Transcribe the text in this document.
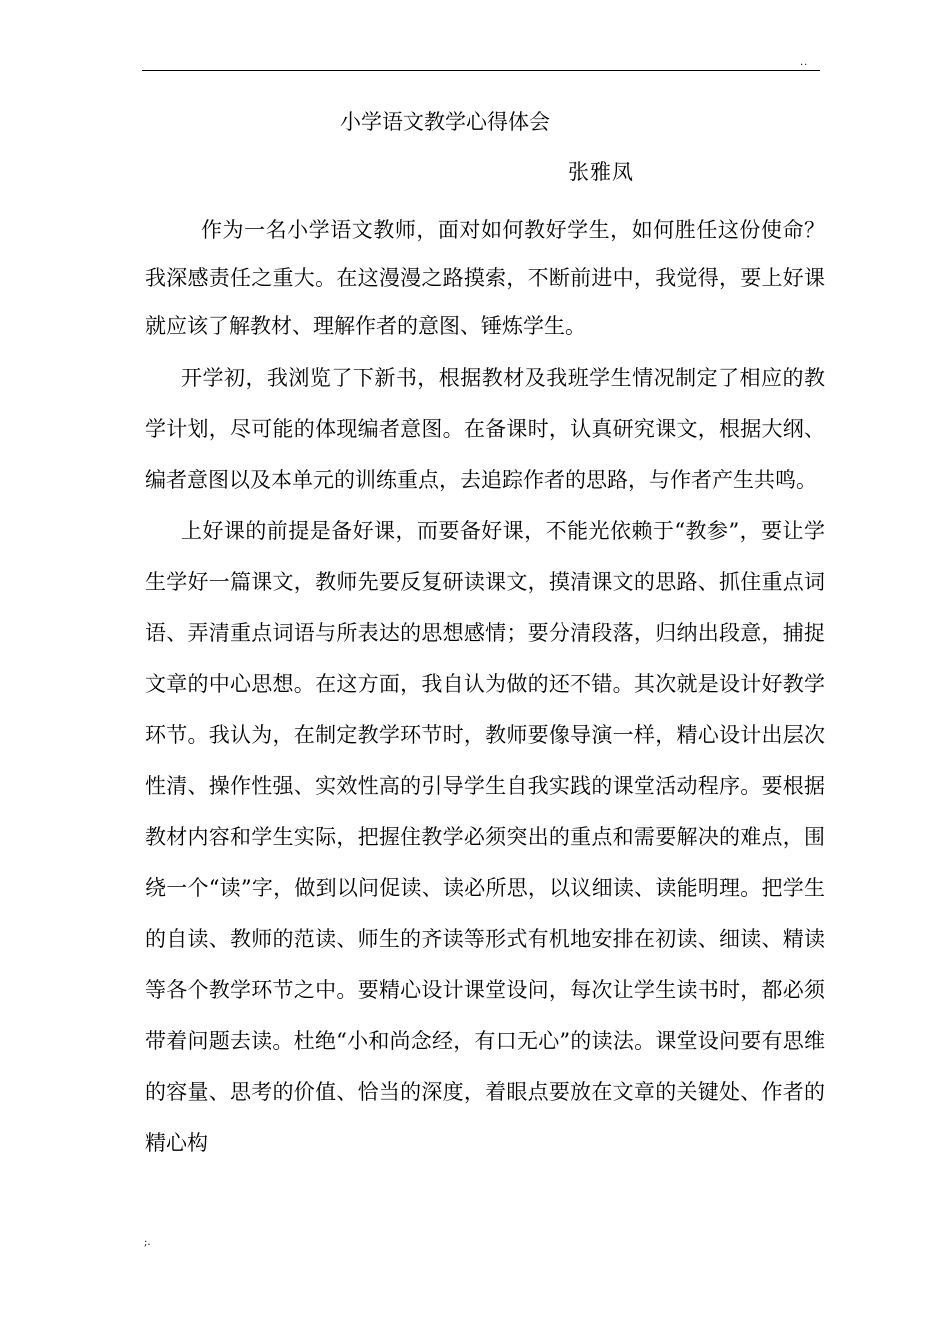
..
小学语文教学心得体会
张雅凤

作为一名小学语文教师，面对如何教好学生，如何胜任这份使命？我深感责任之重大。在这漫漫之路摸索，不断前进中，我觉得，要上好课就应该了解教材、理解作者的意图、锤炼学生。

开学初，我浏览了下新书，根据教材及我班学生情况制定了相应的教学计划，尽可能的体现编者意图。在备课时，认真研究课文，根据大纲、编者意图以及本单元的训练重点，去追踪作者的思路，与作者产生共鸣。

上好课的前提是备好课，而要备好课，不能光依赖于“教参”，要让学生学好一篇课文，教师先要反复研读课文，摸清课文的思路、抓住重点词语、弄清重点词语与所表达的思想感情；要分清段落，归纳出段意，捕捉文章的中心思想。在这方面，我自认为做的还不错。其次就是设计好教学环节。我认为，在制定教学环节时，教师要像导演一样，精心设计出层次性清、操作性强、实效性高的引导学生自我实践的课堂活动程序。要根据教材内容和学生实际，把握住教学必须突出的重点和需要解决的难点，围绕一个“读”字，做到以问促读、读必所思，以议细读、读能明理。把学生的自读、教师的范读、师生的齐读等形式有机地安排在初读、细读、精读等各个教学环节之中。要精心设计课堂设问，每次让学生读书时，都必须带着问题去读。杜绝“小和尚念经，有口无心”的读法。课堂设问要有思维的容量、思考的价值、恰当的深度，着眼点要放在文章的关键处、作者的精心构

;.
